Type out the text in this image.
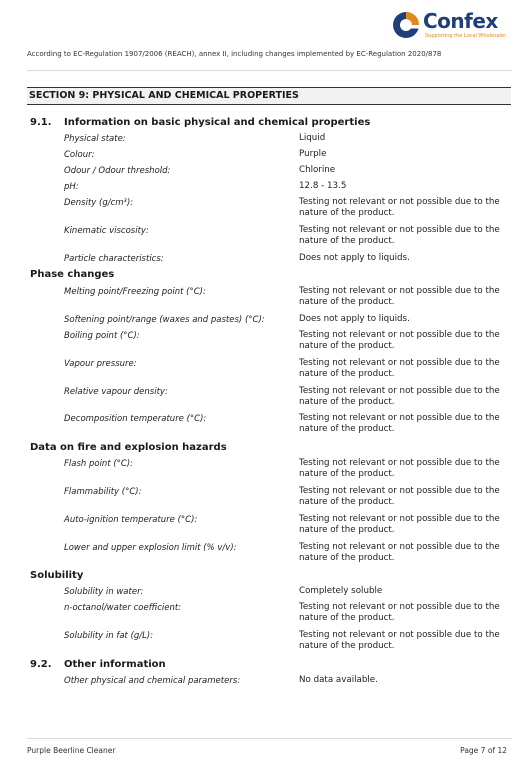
Confex
Supporting the Local Wholesaler
According to EC-Regulation 1907/2006 (REACH), annex II, including changes implemented by EC-Regulation 2020/878
SECTION 9: PHYSICAL AND CHEMICAL PROPERTIES
9.1. Information on basic physical and chemical properties
Physical state:	Liquid
Colour:	Purple
Odour / Odour threshold:	Chlorine
pH:	12.8 - 13.5
Density (g/cm³):	Testing not relevant or not possible due to the nature of the product.
Kinematic viscosity:	Testing not relevant or not possible due to the nature of the product.
Particle characteristics:	Does not apply to liquids.
Melting point/Freezing point (°C):	Testing not relevant or not possible due to the nature of the product.
Softening point/range (waxes and pastes) (°C):	Does not apply to liquids.
Boiling point (°C):	Testing not relevant or not possible due to the nature of the product.
Vapour pressure:	Testing not relevant or not possible due to the nature of the product.
Relative vapour density:	Testing not relevant or not possible due to the nature of the product.
Decomposition temperature (°C):	Testing not relevant or not possible due to the nature of the product.
Flash point (°C):	Testing not relevant or not possible due to the nature of the product.
Flammability (°C):	Testing not relevant or not possible due to the nature of the product.
Auto-ignition temperature (°C):	Testing not relevant or not possible due to the nature of the product.
Lower and upper explosion limit (% v/v):	Testing not relevant or not possible due to the nature of the product.
Solubility in water:	Completely soluble
n-octanol/water coefficient:	Testing not relevant or not possible due to the nature of the product.
Solubility in fat (g/L):	Testing not relevant or not possible due to the nature of the product.
Other physical and chemical parameters:	No data available.
Phase changes
Data on fire and explosion hazards
Solubility
9.2. Other information
Purple Beerline Cleaner	Page 7 of 12
